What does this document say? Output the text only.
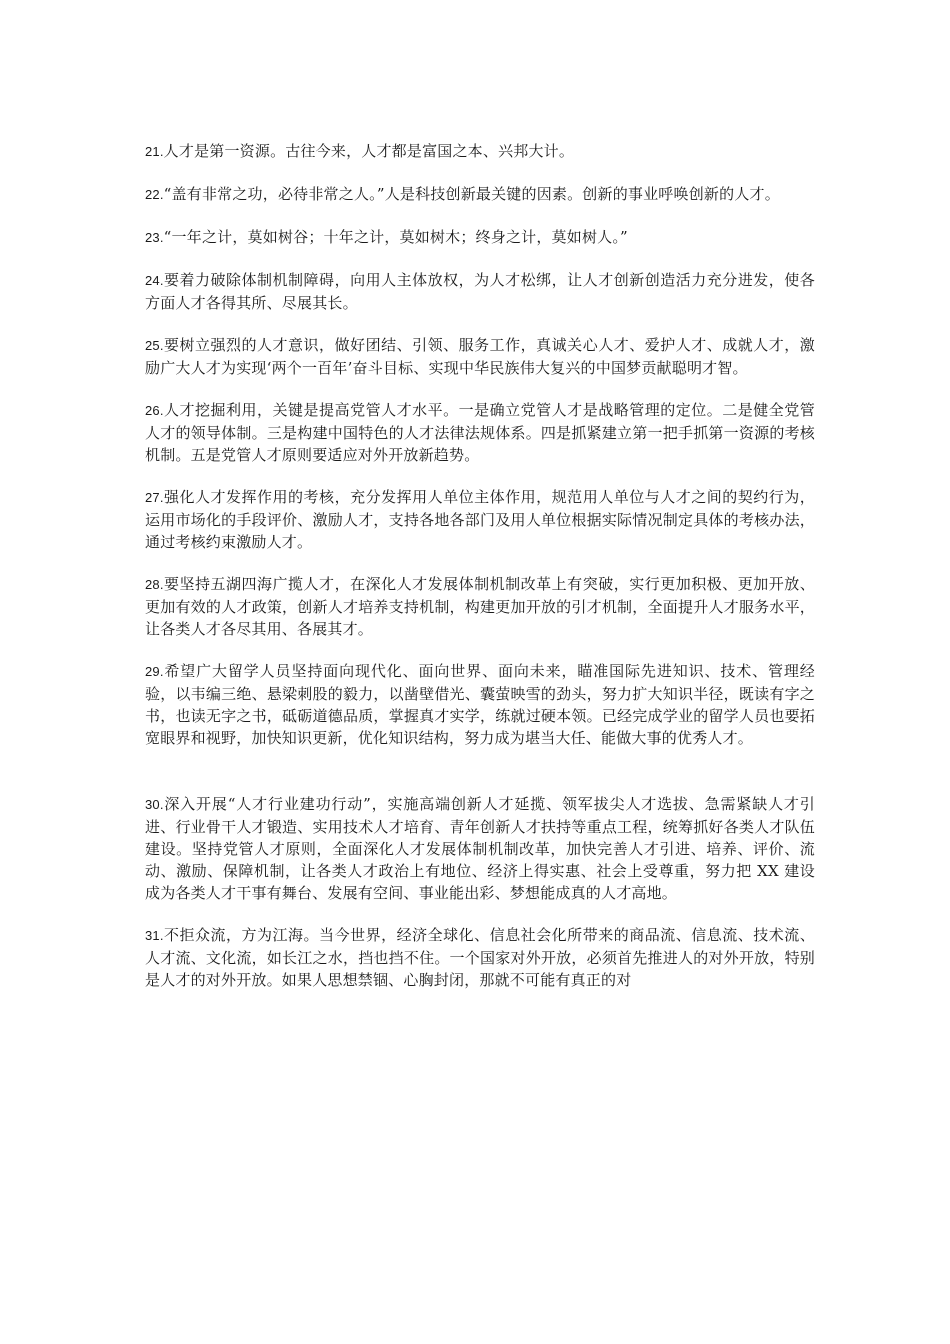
21.人才是第一资源。古往今来，人才都是富国之本、兴邦大计。

22.“盖有非常之功，必待非常之人。”人是科技创新最关键的因素。创新的事业呼唤创新的人才。

23.“一年之计，莫如树谷；十年之计，莫如树木；终身之计，莫如树人。”

24.要着力破除体制机制障碍，向用人主体放权，为人才松绑，让人才创新创造活力充分进发，使各方面人才各得其所、尽展其长。

25.要树立强烈的人才意识，做好团结、引领、服务工作，真诚关心人才、爱护人才、成就人才，激励广大人才为实现‘两个一百年’奋斗目标、实现中华民族伟大复兴的中国梦贡献聪明才智。

26.人才挖掘利用，关键是提高党管人才水平。一是确立党管人才是战略管理的定位。二是健全党管人才的领导体制。三是构建中国特色的人才法律法规体系。四是抓紧建立第一把手抓第一资源的考核机制。五是党管人才原则要适应对外开放新趋势。

27.强化人才发挥作用的考核，充分发挥用人单位主体作用，规范用人单位与人才之间的契约行为，运用市场化的手段评价、激励人才，支持各地各部门及用人单位根据实际情况制定具体的考核办法，通过考核约束激励人才。

28.要坚持五湖四海广揽人才，在深化人才发展体制机制改革上有突破，实行更加积极、更加开放、更加有效的人才政策，创新人才培养支持机制，构建更加开放的引才机制，全面提升人才服务水平，让各类人才各尽其用、各展其才。

29.希望广大留学人员坚持面向现代化、面向世界、面向未来，瞄准国际先进知识、技术、管理经验，以韦编三绝、悬梁刺股的毅力，以凿壁借光、囊萤映雪的劲头，努力扩大知识半径，既读有字之书，也读无字之书，砥砺道德品质，掌握真才实学，练就过硬本领。已经完成学业的留学人员也要拓宽眼界和视野，加快知识更新，优化知识结构，努力成为堪当大任、能做大事的优秀人才。

30.深入开展“人才行业建功行动”，实施高端创新人才延揽、领军拔尖人才选拔、急需紧缺人才引进、行业骨干人才锻造、实用技术人才培育、青年创新人才扶持等重点工程，统筹抓好各类人才队伍建设。坚持党管人才原则，全面深化人才发展体制机制改革，加快完善人才引进、培养、评价、流动、激励、保障机制，让各类人才政治上有地位、经济上得实惠、社会上受尊重，努力把 XX 建设成为各类人才干事有舞台、发展有空间、事业能出彩、梦想能成真的人才高地。

31.不拒众流，方为江海。当今世界，经济全球化、信息社会化所带来的商品流、信息流、技术流、人才流、文化流，如长江之水，挡也挡不住。一个国家对外开放，必须首先推进人的对外开放，特别是人才的对外开放。如果人思想禁锢、心胸封闭，那就不可能有真正的对
